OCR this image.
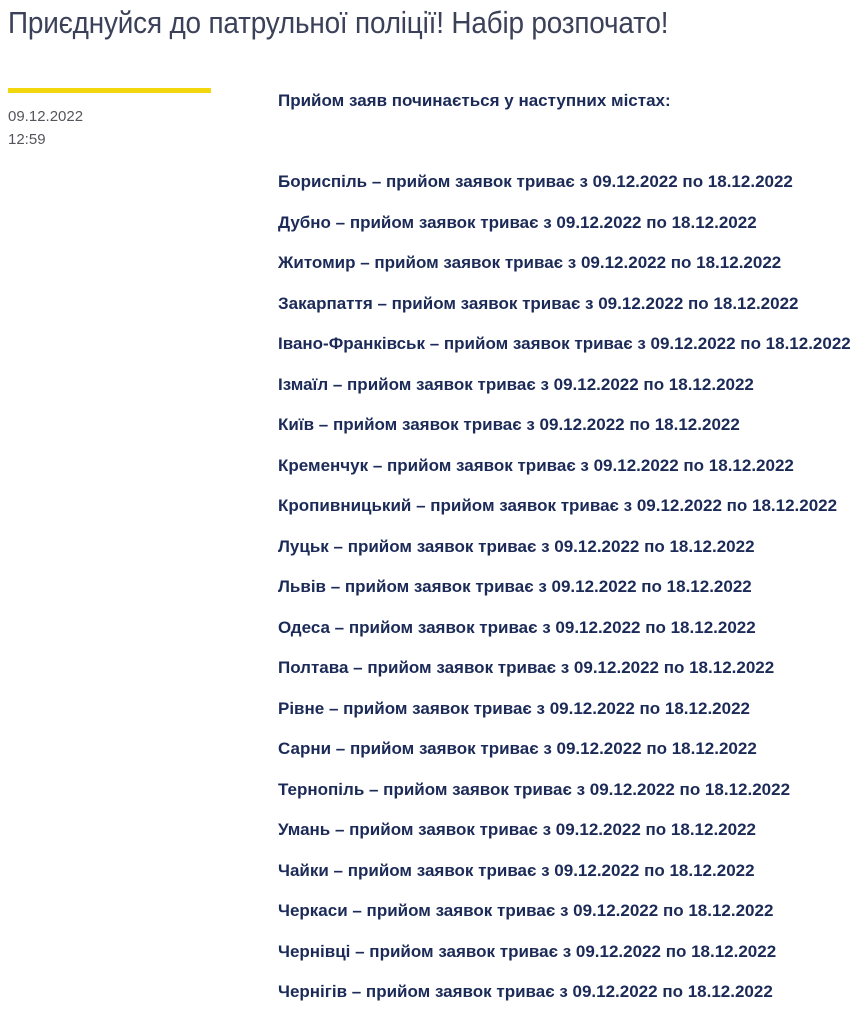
Приєднуйся до патрульної поліції! Набір розпочато!
09.12.2022
12:59

Прийом заяв починається у наступних містах:

Бориспіль – прийом заявок триває з 09.12.2022 по 18.12.2022

Дубно – прийом заявок триває з 09.12.2022 по 18.12.2022

Житомир – прийом заявок триває з 09.12.2022 по 18.12.2022

Закарпаття – прийом заявок триває з 09.12.2022 по 18.12.2022

Івано-Франківськ – прийом заявок триває з 09.12.2022 по 18.12.2022

Ізмаїл – прийом заявок триває з 09.12.2022 по 18.12.2022

Київ – прийом заявок триває з 09.12.2022 по 18.12.2022

Кременчук – прийом заявок триває з 09.12.2022 по 18.12.2022

Кропивницький – прийом заявок триває з 09.12.2022 по 18.12.2022

Луцьк – прийом заявок триває з 09.12.2022 по 18.12.2022

Львів – прийом заявок триває з 09.12.2022 по 18.12.2022

Одеса – прийом заявок триває з 09.12.2022 по 18.12.2022

Полтава – прийом заявок триває з 09.12.2022 по 18.12.2022

Рівне – прийом заявок триває з 09.12.2022 по 18.12.2022

Сарни – прийом заявок триває з 09.12.2022 по 18.12.2022

Тернопіль – прийом заявок триває з 09.12.2022 по 18.12.2022

Умань – прийом заявок триває з 09.12.2022 по 18.12.2022

Чайки – прийом заявок триває з 09.12.2022 по 18.12.2022

Черкаси – прийом заявок триває з 09.12.2022 по 18.12.2022

Чернівці – прийом заявок триває з 09.12.2022 по 18.12.2022

Чернігів – прийом заявок триває з 09.12.2022 по 18.12.2022
